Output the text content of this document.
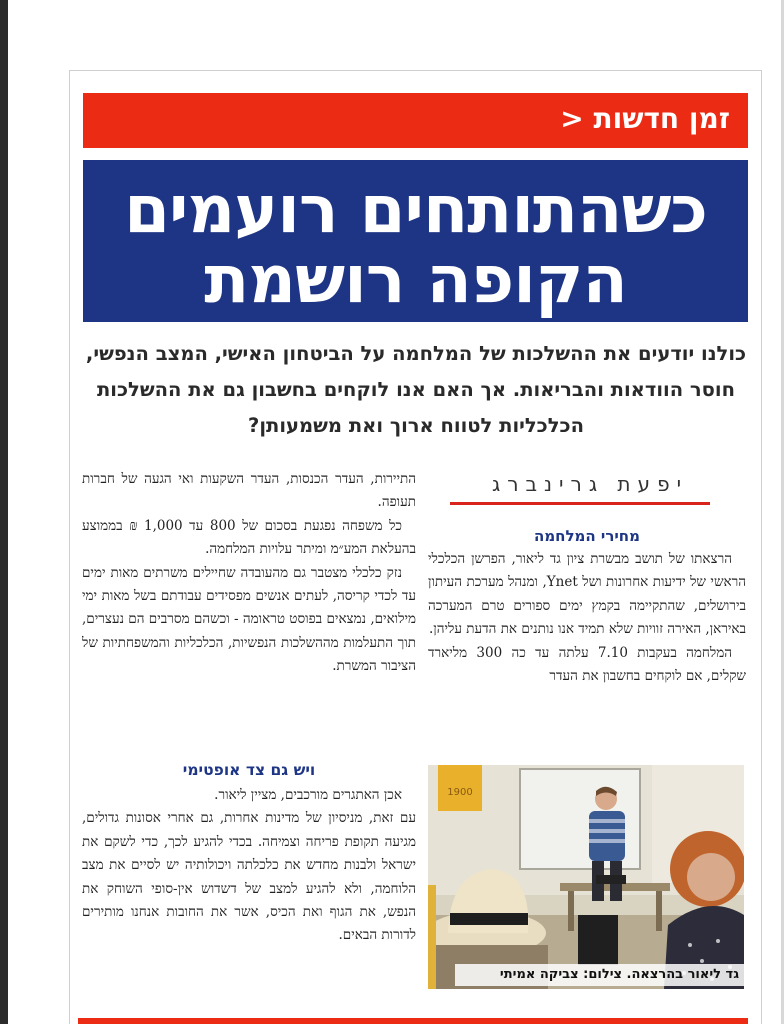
זמן חדשות <
כשהתותחים רועמים
הקופה רושמת
כולנו יודעים את ההשלכות של המלחמה על הביטחון האישי, המצב הנפשי, חוסר הוודאות והבריאות. אך האם אנו לוקחים בחשבון גם את ההשלכות הכלכליות לטווח ארוך ואת משמעותן?
יפעת גרינברג

מחירי המלחמה

הרצאתו של תושב מבשרת ציון גד ליאור, הפרשן הכלכלי הראשי של ידיעות אחרונות ושל Ynet, ומנהל מערכת העיתון בירושלים, שהתקיימה בקמץ ימים ספורים טרם המערכה באיראן, האירה זוויות שלא תמיד אנו נותנים את הדעת עליהן.

המלחמה בעקבות 7.10 עלתה עד כה 300 מליארד שקלים, אם לוקחים בחשבון את העדר

התיירות, העדר הכנסות, העדר השקעות ואי הגעה של חברות תעופה.

כל משפחה נפגעת בסכום של 800 עד 1,000 ₪ בממוצע בהעלאת המע״מ ומיתר עלויות המלחמה.

נזק כלכלי מצטבר גם מהעובדה שחיילים משרתים מאות ימים עד לכדי קריסה, לעתים אנשים מפסידים עבודתם בשל מאות ימי מילואים, נמצאים בפוסט טראומה - וכשהם מסרבים הם נעצרים, תוך התעלמות מההשלכות הנפשיות, הכלכליות והמשפחתיות של הציבור המשרת.

ויש גם צד אופטימי

אכן האתגרים מורכבים, מציין ליאור.

עם זאת, מניסיון של מדינות אחרות, גם אחרי אסונות גדולים, מגיעה תקופת פריחה וצמיחה. בכדי להגיע לכך, כדי לשקם את ישראל ולבנות מחדש את כלכלתה ויכולותיה יש לסיים את מצב הלוחמה, ולא להגיע למצב של דשדוש אין-סופי השוחק את הנפש, את הגוף ואת הכיס, אשר את החובות אנחנו מותירים לדורות הבאים.

1900
גד ליאור בהרצאה. צילום: צביקה אמיתי
